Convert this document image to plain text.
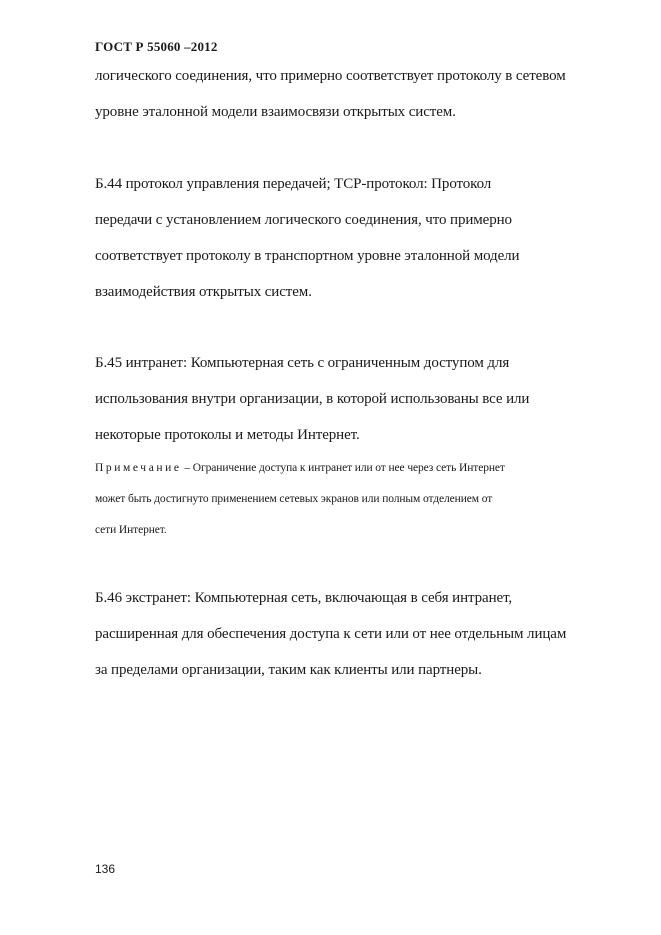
ГОСТ Р 55060 –2012
логического соединения, что примерно соответствует протоколу в сетевом
уровне эталонной модели взаимосвязи открытых систем.
Б.44 протокол управления передачей; TCP-протокол: Протокол
передачи с установлением логического соединения, что примерно
соответствует протоколу в транспортном уровне эталонной модели
взаимодействия открытых систем.
Б.45 интранет: Компьютерная сеть с ограниченным доступом для
использования внутри организации, в которой использованы все или
некоторые протоколы и методы Интернет.
Примечание – Ограничение доступа к интранет или от нее через сеть Интернет
может быть достигнуто применением сетевых экранов или полным отделением от
сети Интернет.
Б.46 экстранет: Компьютерная сеть, включающая в себя интранет,
расширенная для обеспечения доступа к сети или от нее отдельным лицам
за пределами организации, таким как клиенты или партнеры.
136
